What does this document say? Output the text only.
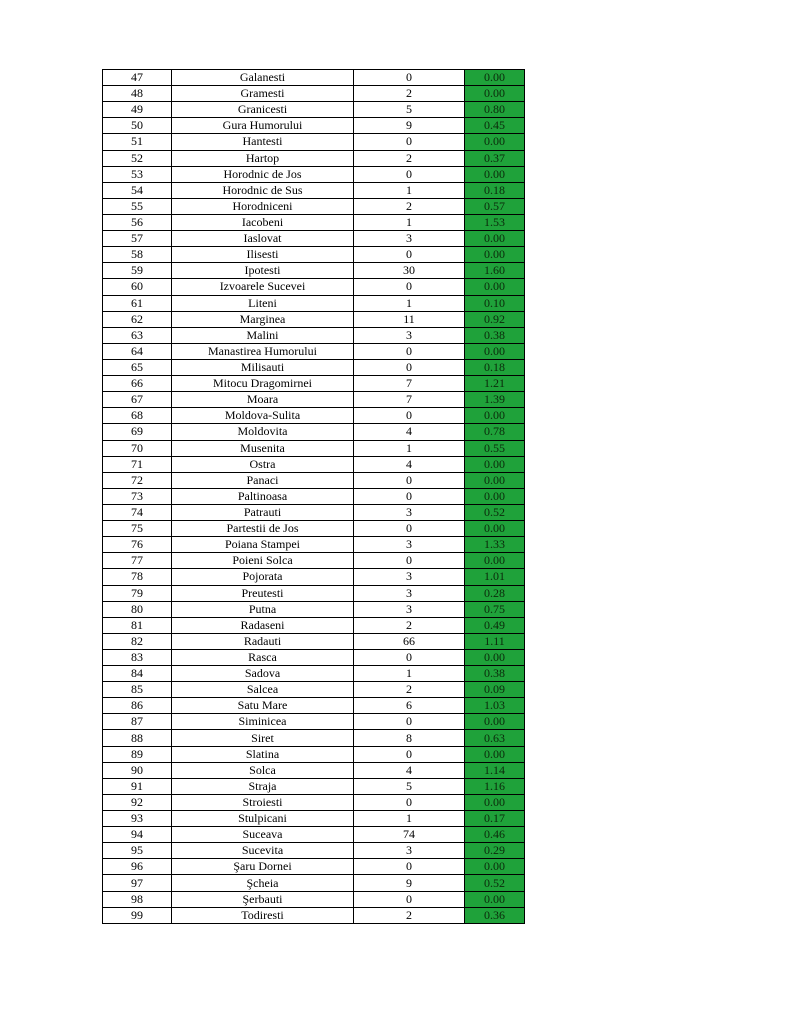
47	Galanesti	0	0.00
48	Gramesti	2	0.00
49	Granicesti	5	0.80
50	Gura Humorului	9	0.45
51	Hantesti	0	0.00
52	Hartop	2	0.37
53	Horodnic de Jos	0	0.00
54	Horodnic de Sus	1	0.18
55	Horodniceni	2	0.57
56	Iacobeni	1	1.53
57	Iaslovat	3	0.00
58	Ilisesti	0	0.00
59	Ipotesti	30	1.60
60	Izvoarele Sucevei	0	0.00
61	Liteni	1	0.10
62	Marginea	11	0.92
63	Malini	3	0.38
64	Manastirea Humorului	0	0.00
65	Milisauti	0	0.18
66	Mitocu Dragomirnei	7	1.21
67	Moara	7	1.39
68	Moldova-Sulita	0	0.00
69	Moldovita	4	0.78
70	Musenita	1	0.55
71	Ostra	4	0.00
72	Panaci	0	0.00
73	Paltinoasa	0	0.00
74	Patrauti	3	0.52
75	Partestii de Jos	0	0.00
76	Poiana Stampei	3	1.33
77	Poieni Solca	0	0.00
78	Pojorata	3	1.01
79	Preutesti	3	0.28
80	Putna	3	0.75
81	Radaseni	2	0.49
82	Radauti	66	1.11
83	Rasca	0	0.00
84	Sadova	1	0.38
85	Salcea	2	0.09
86	Satu Mare	6	1.03
87	Siminicea	0	0.00
88	Siret	8	0.63
89	Slatina	0	0.00
90	Solca	4	1.14
91	Straja	5	1.16
92	Stroiesti	0	0.00
93	Stulpicani	1	0.17
94	Suceava	74	0.46
95	Sucevita	3	0.29
96	Şaru Dornei	0	0.00
97	Şcheia	9	0.52
98	Şerbauti	0	0.00
99	Todiresti	2	0.36
